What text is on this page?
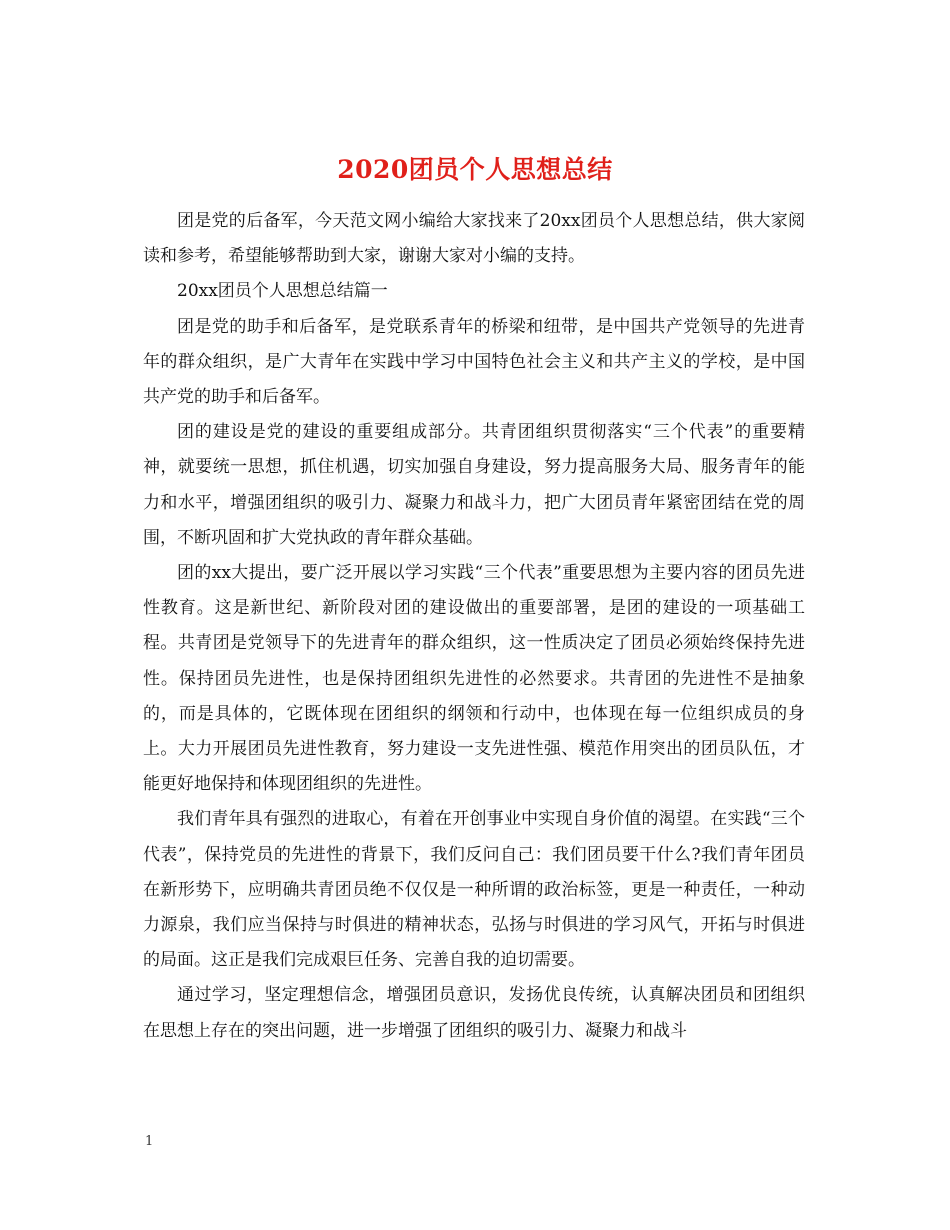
2020团员个人思想总结

团是党的后备军，今天范文网小编给大家找来了20xx团员个人思想总结，供大家阅读和参考，希望能够帮助到大家，谢谢大家对小编的支持。

20xx团员个人思想总结篇一

团是党的助手和后备军，是党联系青年的桥梁和纽带，是中国共产党领导的先进青年的群众组织，是广大青年在实践中学习中国特色社会主义和共产主义的学校，是中国共产党的助手和后备军。

团的建设是党的建设的重要组成部分。共青团组织贯彻落实“三个代表”的重要精神，就要统一思想，抓住机遇，切实加强自身建设，努力提高服务大局、服务青年的能力和水平，增强团组织的吸引力、凝聚力和战斗力，把广大团员青年紧密团结在党的周围，不断巩固和扩大党执政的青年群众基础。

团的xx大提出，要广泛开展以学习实践“三个代表”重要思想为主要内容的团员先进性教育。这是新世纪、新阶段对团的建设做出的重要部署，是团的建设的一项基础工程。共青团是党领导下的先进青年的群众组织，这一性质决定了团员必须始终保持先进性。保持团员先进性，也是保持团组织先进性的必然要求。共青团的先进性不是抽象的，而是具体的，它既体现在团组织的纲领和行动中，也体现在每一位组织成员的身上。大力开展团员先进性教育，努力建设一支先进性强、模范作用突出的团员队伍，才能更好地保持和体现团组织的先进性。

我们青年具有强烈的进取心，有着在开创事业中实现自身价值的渴望。在实践“三个代表”，保持党员的先进性的背景下，我们反问自己：我们团员要干什么?我们青年团员在新形势下，应明确共青团员绝不仅仅是一种所谓的政治标签，更是一种责任，一种动力源泉，我们应当保持与时俱进的精神状态，弘扬与时俱进的学习风气，开拓与时俱进的局面。这正是我们完成艰巨任务、完善自我的迫切需要。

通过学习，坚定理想信念，增强团员意识，发扬优良传统，认真解决团员和团组织在思想上存在的突出问题，进一步增强了团组织的吸引力、凝聚力和战斗

1
